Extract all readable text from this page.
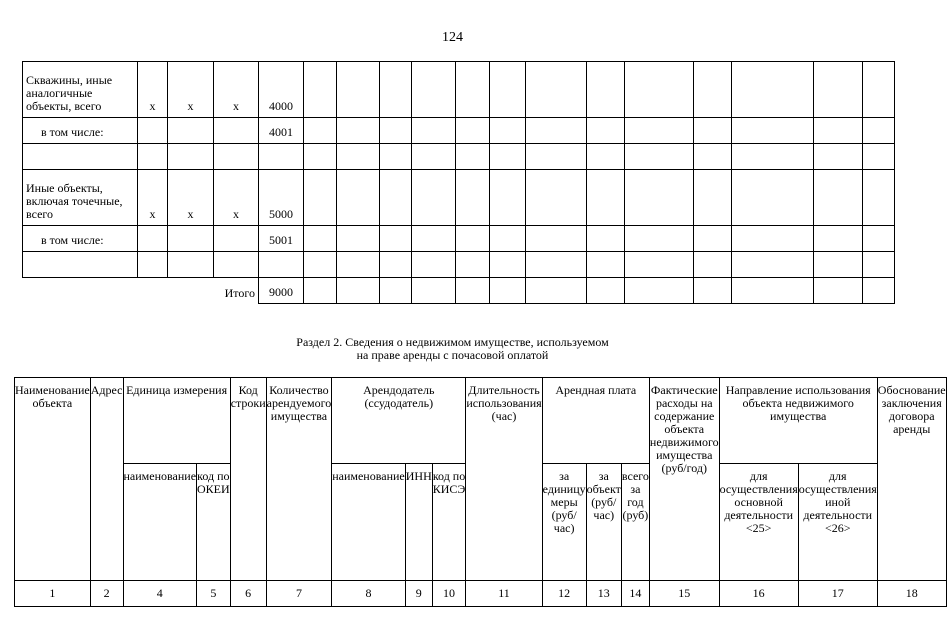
124
Скважины, иные аналогичные объекты, всего	x	x	x	4000													
в том числе:				4001													

Иные объекты, включая точечные, всего	x	x	x	5000													
в том числе:				5001													

Итого				9000													
Раздел 2. Сведения о недвижимом имуществе, используемом
на праве аренды с почасовой оплатой
Наименование объекта	Адрес	Единица измерения		Код строки	Количество арендуемого имущества	Арендодатель (ссудодатель)			Длительность использования (час)	Арендная плата			Фактические расходы на содержание объекта недвижимого имущества (руб/год)	Направление использования объекта недвижимого имущества		Обоснование заключения договора аренды
		наименование	код по ОКЕИ			наименование	ИНН	код по КИСЭ		за единицу меры (руб/час)	за объект (руб/час)	всего за год (руб)		для осуществления основной деятельности <25>	для осуществления иной деятельности <26>	
1	2	4	5	6	7	8	9	10	11	12	13	14	15	16	17	18
